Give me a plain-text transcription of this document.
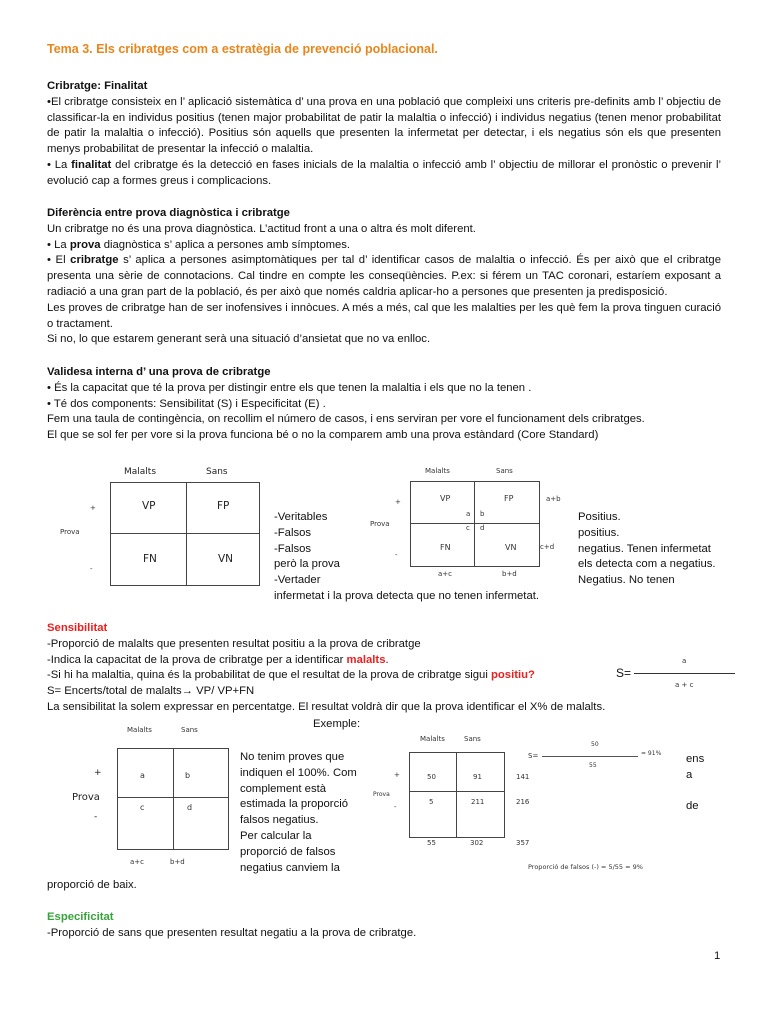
Tema 3. Els cribratges com a estratègia de prevenció poblacional.

Cribratge: Finalitat

•El cribratge consisteix en l’ aplicació sistemàtica d’ una prova en una població que compleixi uns criteris pre-definits amb l’ objectiu de classificar-la en individus positius (tenen major probabilitat de patir la malaltia o infecció) i individus negatius (tenen menor probabilitat de patir la malaltia o infecció). Positius són aquells que presenten la infermetat per detectar, i els negatius són els que presenten menys probabilitat de presentar la infecció o malaltia.

• La finalitat del cribratge és la detecció en fases inicials de la malaltia o infecció amb l’ objectiu de millorar el pronòstic o prevenir l’ evolució cap a formes greus i complicacions.

Diferència entre prova diagnòstica i cribratge

Un cribratge no és una prova diagnòstica. L’actitud front a una o altra és molt diferent.

• La prova diagnòstica s’ aplica a persones amb símptomes.

• El cribratge s’ aplica a persones asimptomàtiques per tal d’ identificar casos de malaltia o infecció. És per això que el cribratge presenta una sèrie de connotacions. Cal tindre en compte les conseqüències. P.ex: si férem un TAC coronari, estaríem exposant a radiació a una gran part de la població, és per això que només caldria aplicar-ho a persones que presenten ja predisposició.

Les proves de cribratge han de ser inofensives i innòcues. A més a més, cal que les malalties per les què fem la prova tinguen curació o tractament.

Si no, lo que estarem generant serà una situació d’ansietat que no va enlloc.

Validesa interna d’ una prova de cribratge

• És la capacitat que té la prova per distingir entre els que tenen la malaltia i els que no la tenen .

• Té dos components: Sensibilitat (S) i Especificitat (E) .

Fem una taula de contingència, on recollim el número de casos, i ens serviran per vore el funcionament dels cribratges.

El que se sol fer per vore si la prova funciona bé o no la comparem amb una prova estàndard (Core Standard)

Malalts	Sans
+
Prova
-
VP	FP
FN	VN

-Veritables

-Falsos

-Falsos

però la prova

-Vertader

infermetat i la prova detecta que no tenen infermetat.

Malalts	Sans
+
Prova
-
VP	FP
a b
c d
FN	VN
a+b
c+d
a+c	b+d

Positius.

positius.

negatius. Tenen infermetat

els detecta com a negatius.

Negatius. No tenen

Sensibilitat

-Proporció de malalts que presenten resultat positiu a la prova de cribratge

-Indica la capacitat de la prova de cribratge per a identificar malalts.

-Si hi ha malaltia, quina és la probabilitat de que el resultat de la prova de cribratge sigui positiu?

S= Encerts/total de malalts→ VP/ VP+FN

La sensibilitat la solem expressar en percentatge. El resultat voldrà dir que la prova identificar el X% de malalts.

S=
a
a + c
Exemple:
Malalts	Sans
+
Prova
-
a	b
c	d
a+c	b+d

No tenim proves que

indiquen el 100%. Com

complement està

estimada la proporció

falsos negatius.

Per calcular la

proporció de falsos

negatius canviem la

proporció de baix.
Malalts	Sans
+
Prova
-
50	91	141
5	211	216
55	302	357
S=
50
= 91%
55
Proporció de falsos (-) = 5/55 = 9%
ens
a
de

Especificitat

-Proporció de sans que presenten resultat negatiu a la prova de cribratge.

1
